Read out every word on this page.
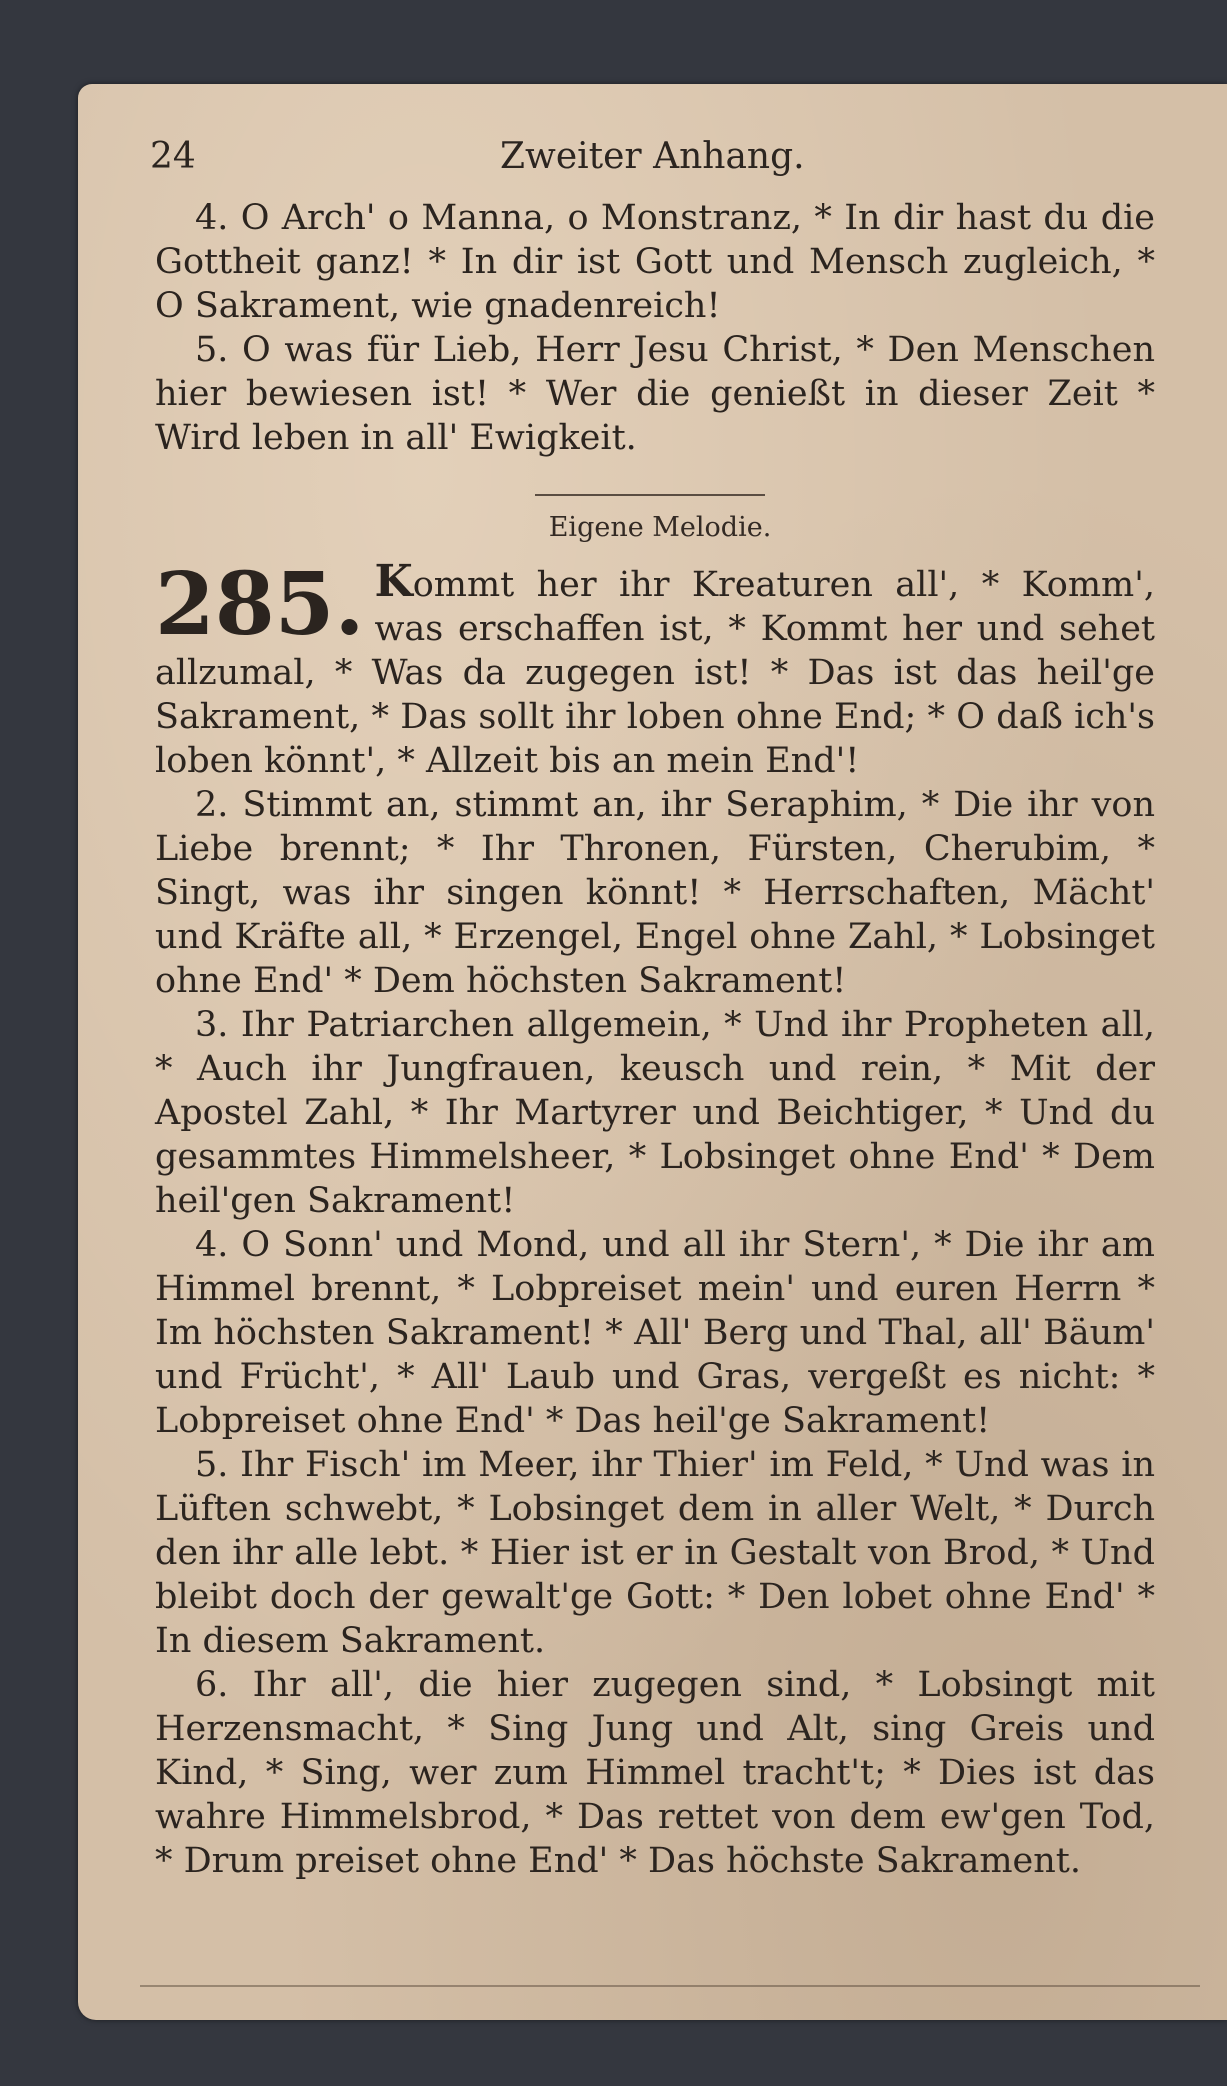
24	Zweiter Anhang.

4. O Arch' o Manna, o Monstranz, * In dir hast du die Gottheit ganz! * In dir ist Gott und Mensch zugleich, * O Sakrament, wie gnadenreich!

5. O was für Lieb, Herr Jesu Christ, * Den Menschen hier bewiesen ist! * Wer die genießt in dieser Zeit * Wird leben in all' Ewigkeit.

Eigene Melodie.

285. Kommt her ihr Kreaturen all', * Komm', was erschaffen ist, * Kommt her und sehet allzumal, * Was da zugegen ist! * Das ist das heil'ge Sakrament, * Das sollt ihr loben ohne End; * O daß ich's loben könnt', * Allzeit bis an mein End'!

2. Stimmt an, stimmt an, ihr Seraphim, * Die ihr von Liebe brennt; * Ihr Thronen, Fürsten, Cherubim, * Singt, was ihr singen könnt! * Herrschaften, Mächt' und Kräfte all, * Erzengel, Engel ohne Zahl, * Lobsinget ohne End' * Dem höchsten Sakrament!

3. Ihr Patriarchen allgemein, * Und ihr Propheten all, * Auch ihr Jungfrauen, keusch und rein, * Mit der Apostel Zahl, * Ihr Martyrer und Beichtiger, * Und du gesammtes Himmelsheer, * Lobsinget ohne End' * Dem heil'gen Sakrament!

4. O Sonn' und Mond, und all ihr Stern', * Die ihr am Himmel brennt, * Lobpreiset mein' und euren Herrn * Im höchsten Sakrament! * All' Berg und Thal, all' Bäum' und Frücht', * All' Laub und Gras, vergeßt es nicht: * Lobpreiset ohne End' * Das heil'ge Sakrament!

5. Ihr Fisch' im Meer, ihr Thier' im Feld, * Und was in Lüften schwebt, * Lobsinget dem in aller Welt, * Durch den ihr alle lebt. * Hier ist er in Gestalt von Brod, * Und bleibt doch der gewalt'ge Gott: * Den lobet ohne End' * In diesem Sakrament.

6. Ihr all', die hier zugegen sind, * Lobsingt mit Herzensmacht, * Sing Jung und Alt, sing Greis und Kind, * Sing, wer zum Himmel tracht't; * Dies ist das wahre Himmelsbrod, * Das rettet von dem ew'gen Tod, * Drum preiset ohne End' * Das höchste Sakrament.
